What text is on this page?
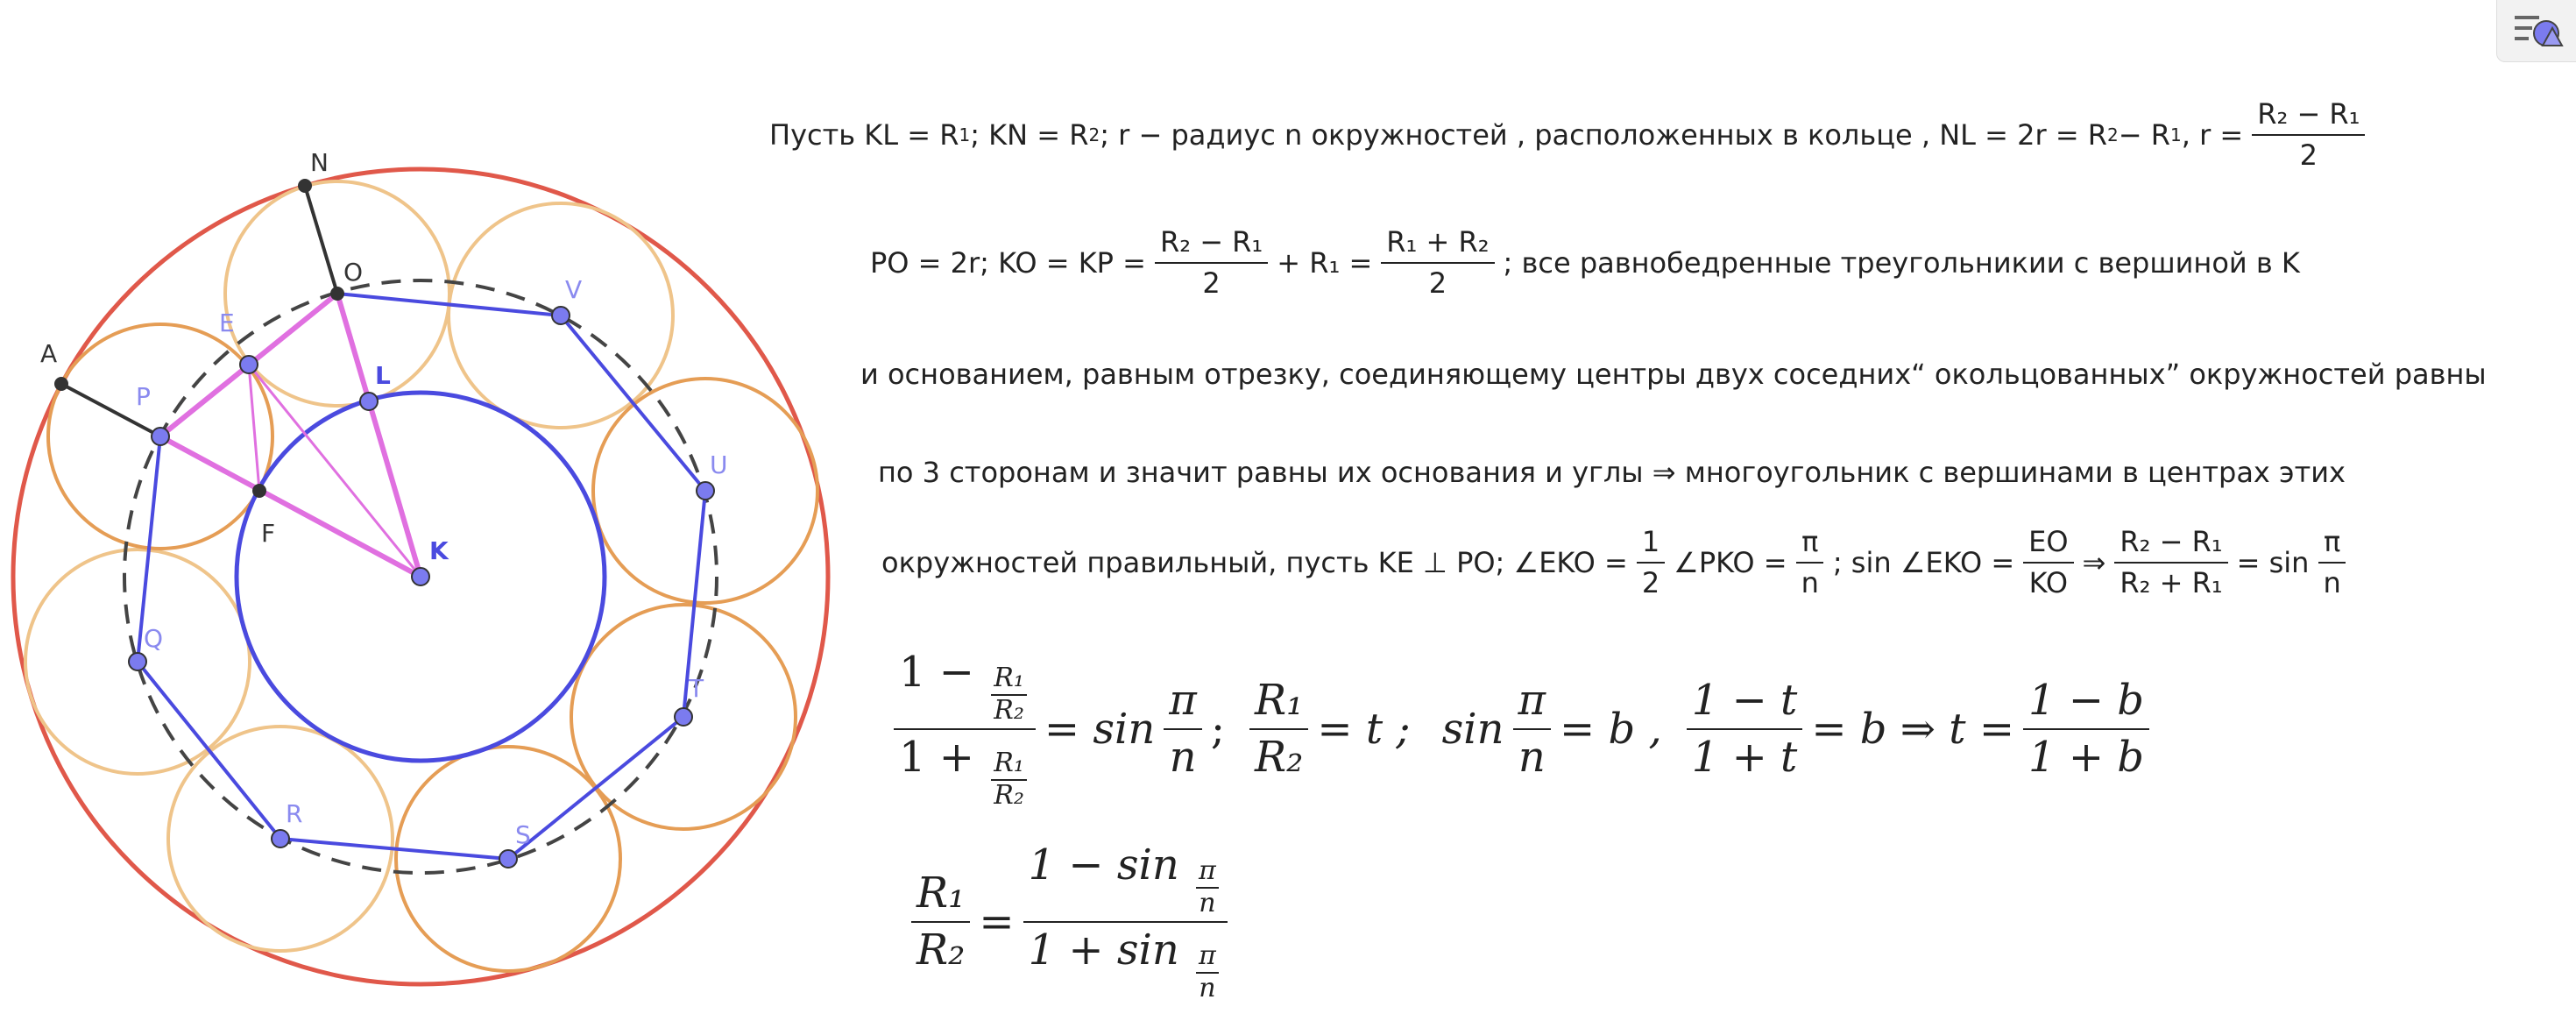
N
A
O
F
E
L
K
P
V
U
T
S
R
Q
Пусть KL = R 1 ; KN = R 2 ; r − радиус n окружностей , расположенных в кольце , NL = 2r = R 2 − R 1 , $r = \frac{\text{R₂ − R₁}}{2}$
PO = 2r; KO = KP = $\frac{\text{R₂ − R₁}}{2} + R_1 = \frac{\text{R₁ + R₂}}{2}$ ; все равнобедренные треугольникии с вершиной в K
и основанием, равным отрезку, соединяющему центры двух соседних“ окольцованных” окружностей равны
по 3 сторонам и значит равны их основания и углы ⇒ многоугольник с вершинами в центрах этих
окружностей правильный, пусть KE ⊥ PO; ∠EKO = $\frac{1}{2}$ ∠PKO = $\frac{\pi}{n}$ ; sin ∠EKO = $\frac{EO}{KO}$ ⇒ $\frac{\text{R₂ − R₁}}{\text{R₂ + R₁}} = \sin \frac{\pi}{n}$
$\frac{1 - \frac{\text{R₁}}{\text{R₂}}}{1 + \frac{\text{R₁}}{\text{R₂}}} = \sin \frac{\pi}{n}$ ; $\frac{\text{R₁}}{\text{R₂}} = t$ ; $\sin \frac{\pi}{n} = b$ , $\frac{1 - t}{1 + t} = b$ ⇒ $t = \frac{1 - b}{1 + b}$
$\frac{\text{R₁}}{\text{R₂}} = \frac{1 - \sin \frac{\pi}{n}}{1 + \sin \frac{\pi}{n}}$
